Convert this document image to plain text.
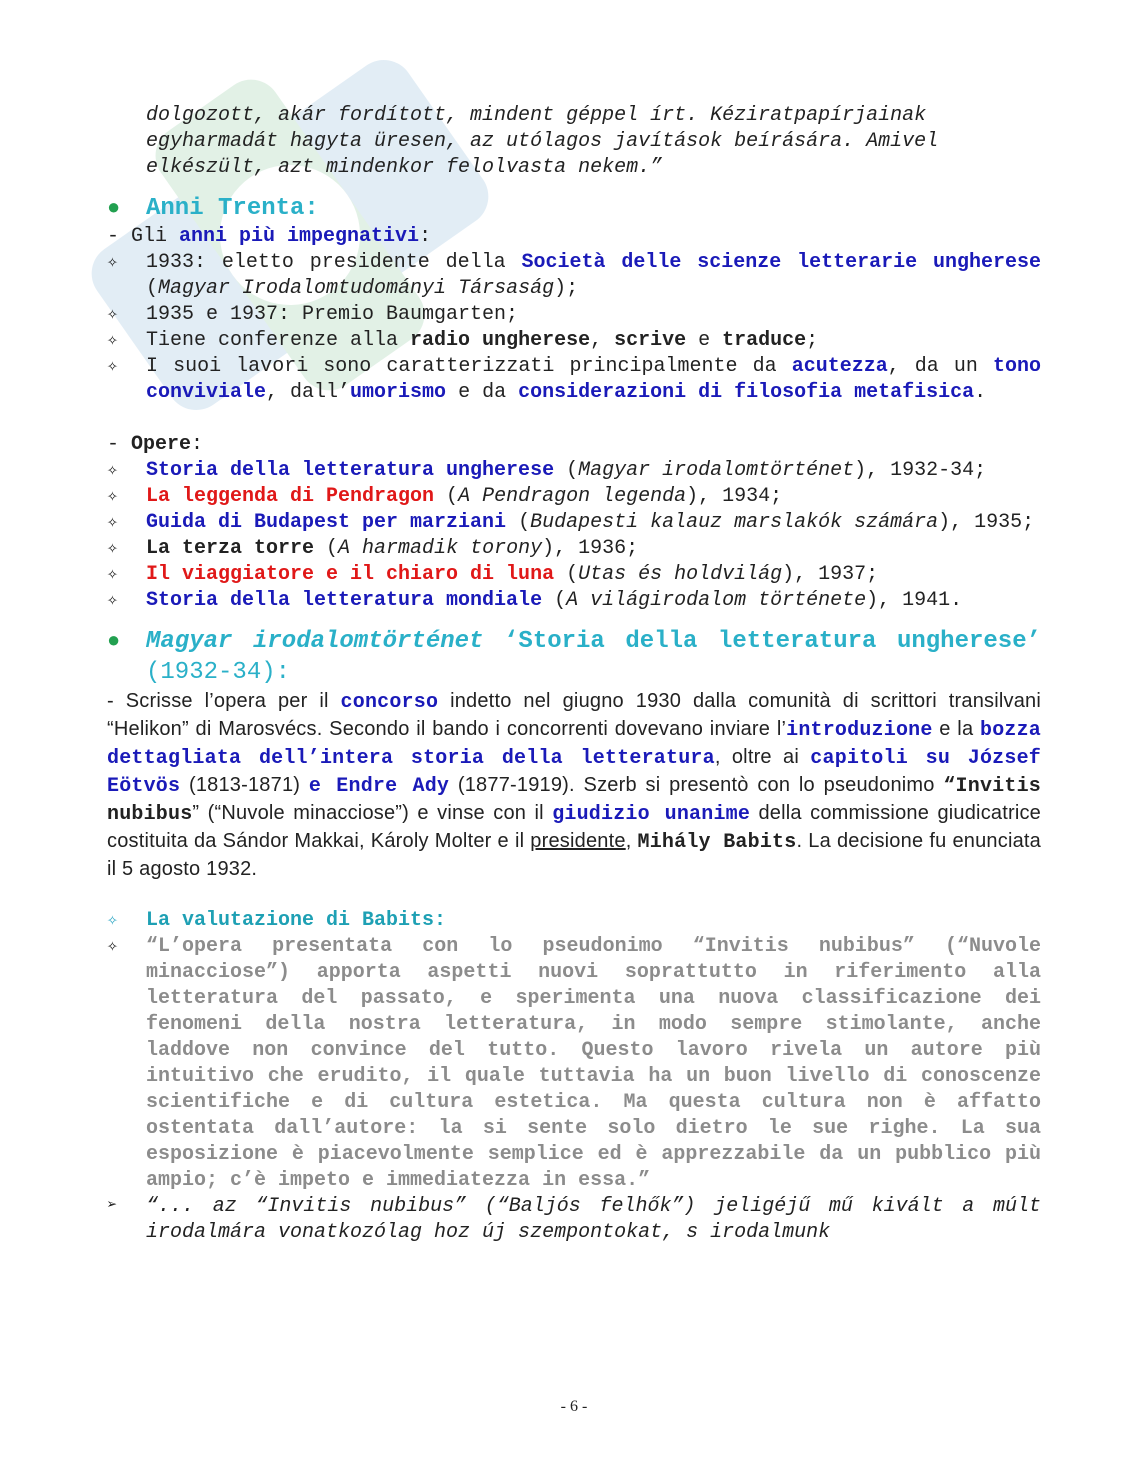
dolgozott, akár fordított, mindent géppel írt. Kéziratpapírjainak

egyharmadát hagyta üresen, az utólagos javítások beírására. Amivel

elkészült, azt mindenkor felolvasta nekem.”

●	Anni Trenta:

- Gli anni più impegnativi:

✧	1933: eletto presidente della Società delle scienze letterarie ungherese (Magyar Irodalomtudományi Társaság);
✧	1935 e 1937: Premio Baumgarten;
✧	Tiene conferenze alla radio ungherese, scrive e traduce;
✧	I suoi lavori sono caratterizzati principalmente da acutezza, da un tono conviviale, dall’umorismo e da considerazioni di filosofia metafisica.

- Opere:

✧	Storia della letteratura ungherese (Magyar irodalomtörténet), 1932-34;
✧	La leggenda di Pendragon (A Pendragon legenda), 1934;
✧	Guida di Budapest per marziani (Budapesti kalauz marslakók számára), 1935;
✧	La terza torre (A harmadik torony), 1936;
✧	Il viaggiatore e il chiaro di luna (Utas és holdvilág), 1937;
✧	Storia della letteratura mondiale (A világirodalom története), 1941.
●	Magyar irodalomtörténet ‘Storia della letteratura ungherese’ (1932-34):

- Scrisse l’opera per il concorso indetto nel giugno 1930 dalla comunità di scrittori transilvani “Helikon” di Marosvécs. Secondo il bando i concorrenti dovevano inviare l’introduzione e la bozza dettagliata dell’intera storia della letteratura, oltre ai capitoli su József Eötvös (1813-1871) e Endre Ady (1877-1919). Szerb si presentò con lo pseudonimo “Invitis nubibus” (“Nuvole minacciose”) e vinse con il giudizio unanime della commissione giudicatrice costituita da Sándor Makkai, Károly Molter e il presidente, Mihály Babits. La decisione fu enunciata il 5 agosto 1932.

✧	La valutazione di Babits:
✧	“L’opera presentata con lo pseudonimo “Invitis nubibus” (“Nuvole minacciose”) apporta aspetti nuovi soprattutto in riferimento alla letteratura del passato, e sperimenta una nuova classificazione dei fenomeni della nostra letteratura, in modo sempre stimolante, anche laddove non convince del tutto. Questo lavoro rivela un autore più intuitivo che erudito, il quale tuttavia ha un buon livello di conoscenze scientifiche e di cultura estetica. Ma questa cultura non è affatto ostentata dall’autore: la si sente solo dietro le sue righe. La sua esposizione è piacevolmente semplice ed è apprezzabile da un pubblico più ampio; c’è impeto e immediatezza in essa.”
➢	“... az “Invitis nubibus” (“Baljós felhők”) jeligéjű mű kivált a múlt irodalmára vonatkozólag hoz új szempontokat, s irodalmunk
- 6 -
